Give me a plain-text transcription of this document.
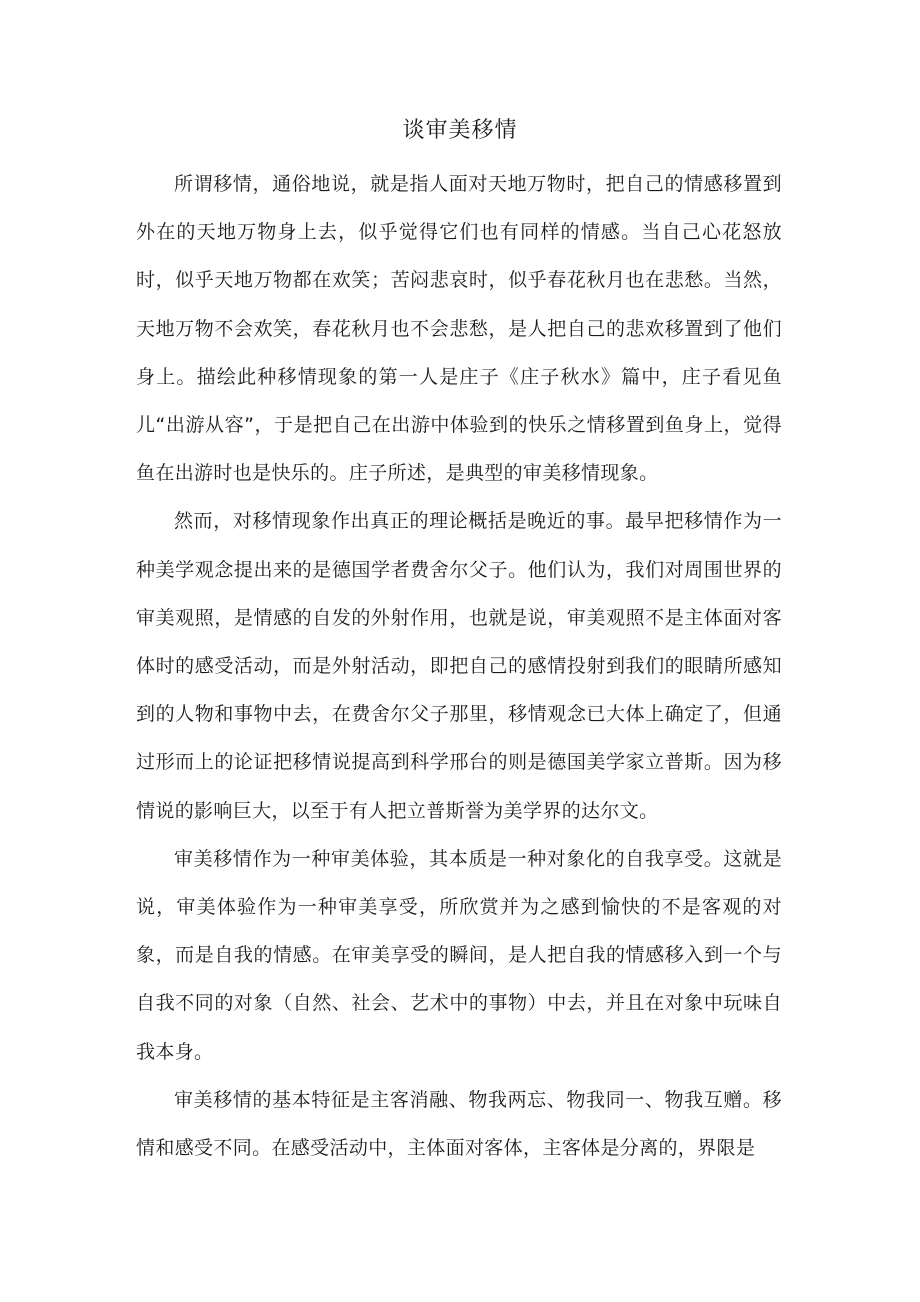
谈审美移情

所谓移情，通俗地说，就是指人面对天地万物时，把自己的情感移置到外在的天地万物身上去，似乎觉得它们也有同样的情感。当自己心花怒放时，似乎天地万物都在欢笑；苦闷悲哀时，似乎春花秋月也在悲愁。当然，天地万物不会欢笑，春花秋月也不会悲愁，是人把自己的悲欢移置到了他们身上。描绘此种移情现象的第一人是庄子《庄子秋水》篇中，庄子看见鱼儿“出游从容”，于是把自己在出游中体验到的快乐之情移置到鱼身上，觉得鱼在出游时也是快乐的。庄子所述，是典型的审美移情现象。

然而，对移情现象作出真正的理论概括是晚近的事。最早把移情作为一种美学观念提出来的是德国学者费舍尔父子。他们认为，我们对周围世界的审美观照，是情感的自发的外射作用，也就是说，审美观照不是主体面对客体时的感受活动，而是外射活动，即把自己的感情投射到我们的眼睛所感知到的人物和事物中去，在费舍尔父子那里，移情观念已大体上确定了，但通过形而上的论证把移情说提高到科学邢台的则是德国美学家立普斯。因为移情说的影响巨大，以至于有人把立普斯誉为美学界的达尔文。

审美移情作为一种审美体验，其本质是一种对象化的自我享受。这就是说，审美体验作为一种审美享受，所欣赏并为之感到愉快的不是客观的对象，而是自我的情感。在审美享受的瞬间，是人把自我的情感移入到一个与自我不同的对象（自然、社会、艺术中的事物）中去，并且在对象中玩味自我本身。

审美移情的基本特征是主客消融、物我两忘、物我同一、物我互赠。移情和感受不同。在感受活动中，主体面对客体，主客体是分离的，界限是
